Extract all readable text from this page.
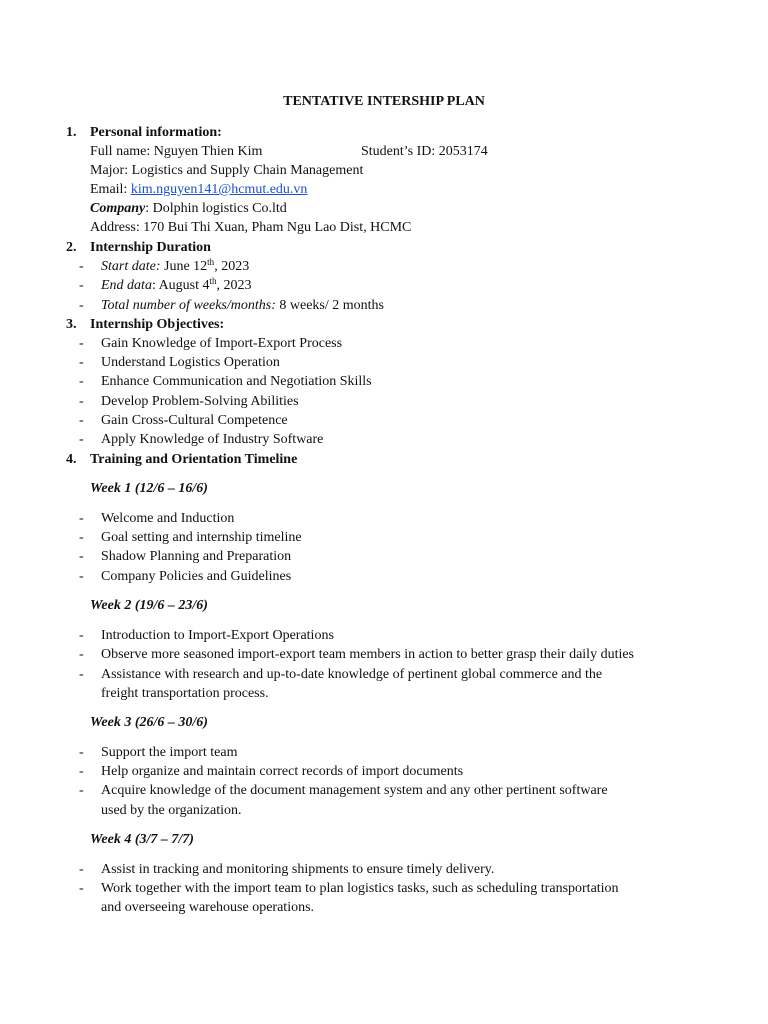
TENTATIVE INTERSHIP PLAN
1. Personal information:
Full name: Nguyen Thien Kim	Student’s ID: 2053174
Major: Logistics and Supply Chain Management
Email: kim.nguyen141@hcmut.edu.vn
Company: Dolphin logistics Co.ltd
Address: 170 Bui Thi Xuan, Pham Ngu Lao Dist, HCMC
2. Internship Duration
- Start date: June 12th, 2023
- End data: August 4th, 2023
- Total number of weeks/months: 8 weeks/ 2 months
3. Internship Objectives:
- Gain Knowledge of Import-Export Process
- Understand Logistics Operation
- Enhance Communication and Negotiation Skills
- Develop Problem-Solving Abilities
- Gain Cross-Cultural Competence
- Apply Knowledge of Industry Software
4. Training and Orientation Timeline
Week 1 (12/6 – 16/6)
- Welcome and Induction
- Goal setting and internship timeline
- Shadow Planning and Preparation
- Company Policies and Guidelines
Week 2 (19/6 – 23/6)
- Introduction to Import-Export Operations
- Observe more seasoned import-export team members in action to better grasp their daily duties
- Assistance with research and up-to-date knowledge of pertinent global commerce and the
freight transportation process.
Week 3 (26/6 – 30/6)
- Support the import team
- Help organize and maintain correct records of import documents
- Acquire knowledge of the document management system and any other pertinent software
used by the organization.
Week 4 (3/7 – 7/7)
- Assist in tracking and monitoring shipments to ensure timely delivery.
- Work together with the import team to plan logistics tasks, such as scheduling transportation
and overseeing warehouse operations.
